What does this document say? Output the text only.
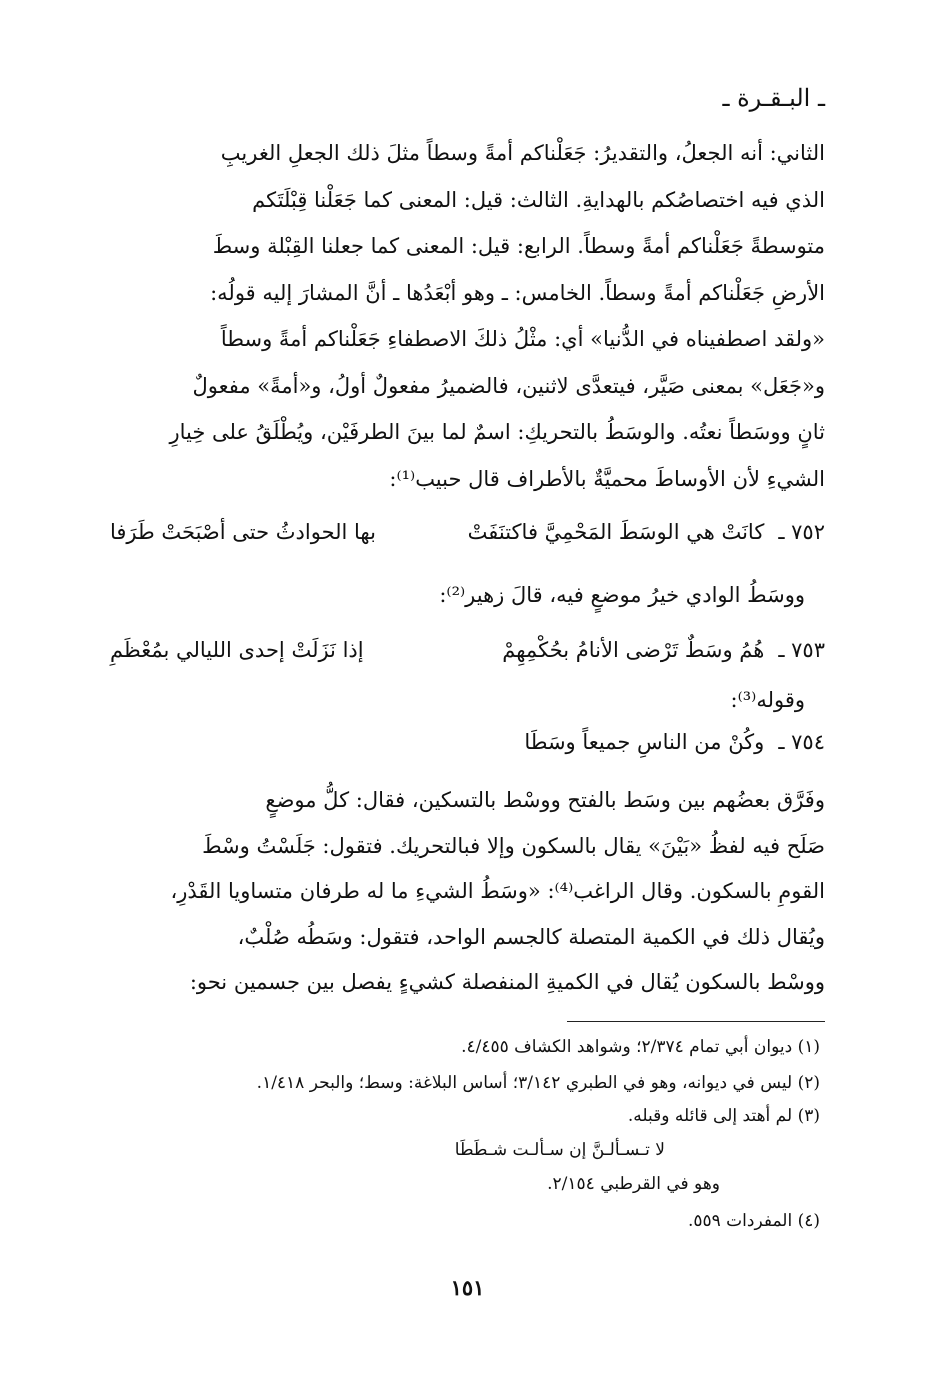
ـ البـقـرة ـ

الثاني: أنه الجعلُ، والتقديرُ: جَعَلْناكم أمةً وسطاً مثلَ ذلك الجعلِ الغريبِ

الذي فيه اختصاصُكم بالهدايةِ. الثالث: قيل: المعنى كما جَعَلْنا قِبْلَتَكم

متوسطةً جَعَلْناكم أمةً وسطاً. الرابع: قيل: المعنى كما جعلنا القِبْلة وسطَ

الأرضِ جَعَلْناكم أمةً وسطاً. الخامس: ـ وهو أبْعَدُها ـ أنَّ المشارَ إليه قولُه:

«ولقد اصطفيناه في الدُّنيا» أي: مثْلُ ذلكَ الاصطفاءِ جَعَلْناكم أمةً وسطاً

و«جَعَل» بمعنى صَيَّر، فيتعدَّى لاثنين، فالضميرُ مفعولٌ أولُ، و«أمةً» مفعولٌ

ثانٍ ووسَطاً نعتُه. والوسَطُ بالتحريكِ: اسمٌ لما بينَ الطرفَيْن، ويُطْلَقُ على خِيارِ

الشيءِ لأن الأوساطَ محميَّةٌ بالأطراف قال حبيب⁽¹⁾:

٧٥٢ ـكانَتْ هي الوسَطَ المَحْمِيَّ فاكتنَفَتْ
بها الحوادثُ حتى أصْبَحَتْ طَرَفا
ووسَطُ الوادي خيرُ موضعٍ فيه، قالَ زهير⁽²⁾:
٧٥٣ ـهُمُ وسَطٌ تَرْضى الأنامُ بحُكْمِهِمْ
إذا نَزَلَتْ إحدى الليالي بمُعْظَمِ
وقوله⁽³⁾:
٧٥٤ ـوكُنْ من الناسِ جميعاً وسَطَا

وفَرَّق بعضُهم بين وسَط بالفتح ووسْط بالتسكين، فقال: كلُّ موضعٍ

صَلَح فيه لفظُ «بَيْنَ» يقال بالسكون وإلا فبالتحريك. فتقول: جَلَسْتُ وسْطَ

القومِ بالسكون. وقال الراغب⁽⁴⁾: «وسَطُ الشيءِ ما له طرفان متساويا القَدْرِ،

ويُقال ذلك في الكمية المتصلة كالجسم الواحد، فتقول: وسَطُه صُلْبٌ،

ووسْط بالسكون يُقال في الكميةِ المنفصلة كشيءٍ يفصل بين جسمين نحو:

(١) ديوان أبي تمام ٢/٣٧٤؛ وشواهد الكشاف ٤/٤٥٥.
(٢) ليس في ديوانه، وهو في الطبري ٣/١٤٢؛ أساس البلاغة: وسط؛ والبحر ١/٤١٨.
(٣) لم أهتد إلى قائله وقبله.
لا تـسـألـنَّ إن سـألـت شـطَطَا
وهو في القرطبي ٢/١٥٤.
(٤) المفردات ٥٥٩.
١٥١
